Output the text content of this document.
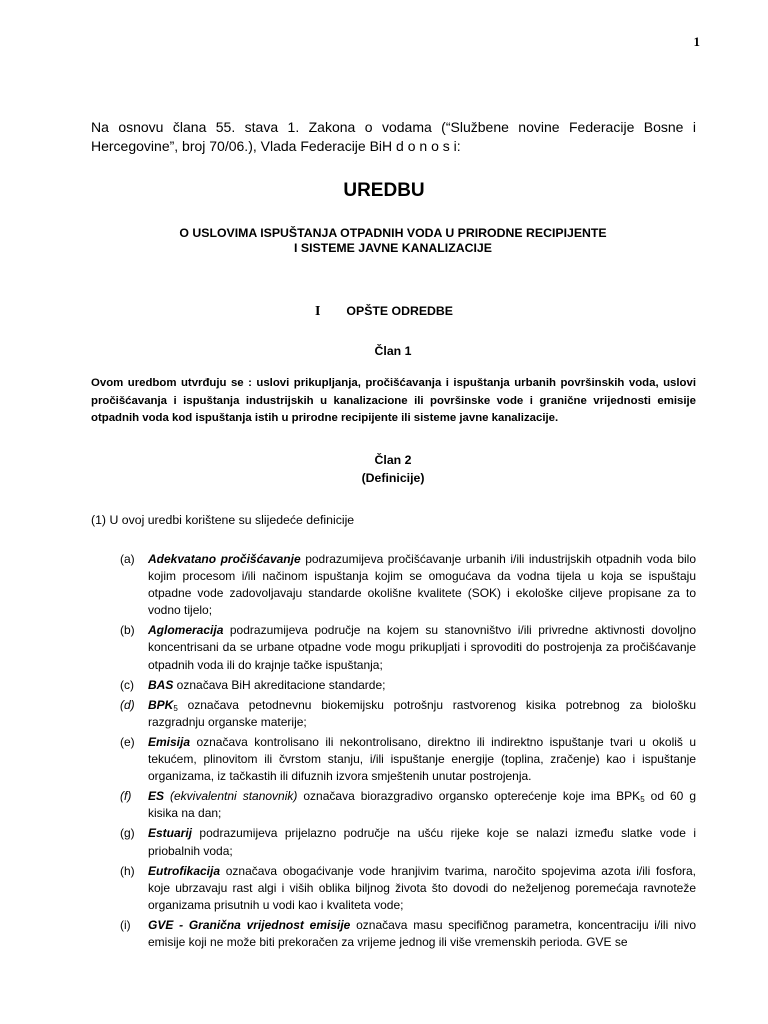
1
Na osnovu člana 55. stava 1. Zakona o vodama (“Službene novine Federacije Bosne i Hercegovine”, broj 70/06.), Vlada Federacije BiH d o n o s i:
UREDBU
O USLOVIMA ISPUŠTANJA OTPADNIH VODA U PRIRODNE RECIPIJENTE
I SISTEME JAVNE KANALIZACIJE
I OPŠTE ODREDBE
Član 1
Ovom uredbom utvrđuju se : uslovi prikupljanja, pročišćavanja i ispuštanja urbanih površinskih voda, uslovi pročišćavanja i ispuštanja industrijskih u kanalizacione ili površinske vode i granične vrijednosti emisije otpadnih voda kod ispuštanja istih u prirodne recipijente ili sisteme javne kanalizacije.
Član 2
(Definicije)
(1) U ovoj uredbi korištene su slijedeće definicije
(a) Adekvatano pročišćavanje podrazumijeva pročišćavanje urbanih i/ili industrijskih otpadnih voda bilo kojim procesom i/ili načinom ispuštanja kojim se omogućava da vodna tijela u koja se ispuštaju otpadne vode zadovoljavaju standarde okolišne kvalitete (SOK) i ekološke ciljeve propisane za to vodno tijelo;
(b) Aglomeracija podrazumijeva područje na kojem su stanovništvo i/ili privredne aktivnosti dovoljno koncentrisani da se urbane otpadne vode mogu prikupljati i sprovoditi do postrojenja za pročišćavanje otpadnih voda ili do krajnje tačke ispuštanja;
(c) BAS označava BiH akreditacione standarde;
(d) $BPK_5$ označava petodnevnu biokemijsku potrošnju rastvorenog kisika potrebnog za biološku razgradnju organske materije;
(e) Emisija označava kontrolisano ili nekontrolisano, direktno ili indirektno ispuštanje tvari u okoliš u tekućem, plinovitom ili čvrstom stanju, i/ili ispuštanje energije (toplina, zračenje) kao i ispuštanje organizama, iz tačkastih ili difuznih izvora smještenih unutar postrojenja.
(f) ES (ekvivalentni stanovnik) označava biorazgradivo organsko opterećenje koje ima $BPK_5$ od 60 g kisika na dan;
(g) Estuarij podrazumijeva prijelazno područje na ušću rijeke koje se nalazi između slatke vode i priobalnih voda;
(h) Eutrofikacija označava obogaćivanje vode hranjivim tvarima, naročito spojevima azota i/ili fosfora, koje ubrzavaju rast algi i viših oblika biljnog života što dovodi do neželjenog poremećaja ravnoteže organizama prisutnih u vodi kao i kvaliteta vode;
(i) GVE - Granična vrijednost emisije označava masu specifičnog parametra, koncentraciju i/ili nivo emisije koji ne može biti prekoračen za vrijeme jednog ili više vremenskih perioda. GVE se
